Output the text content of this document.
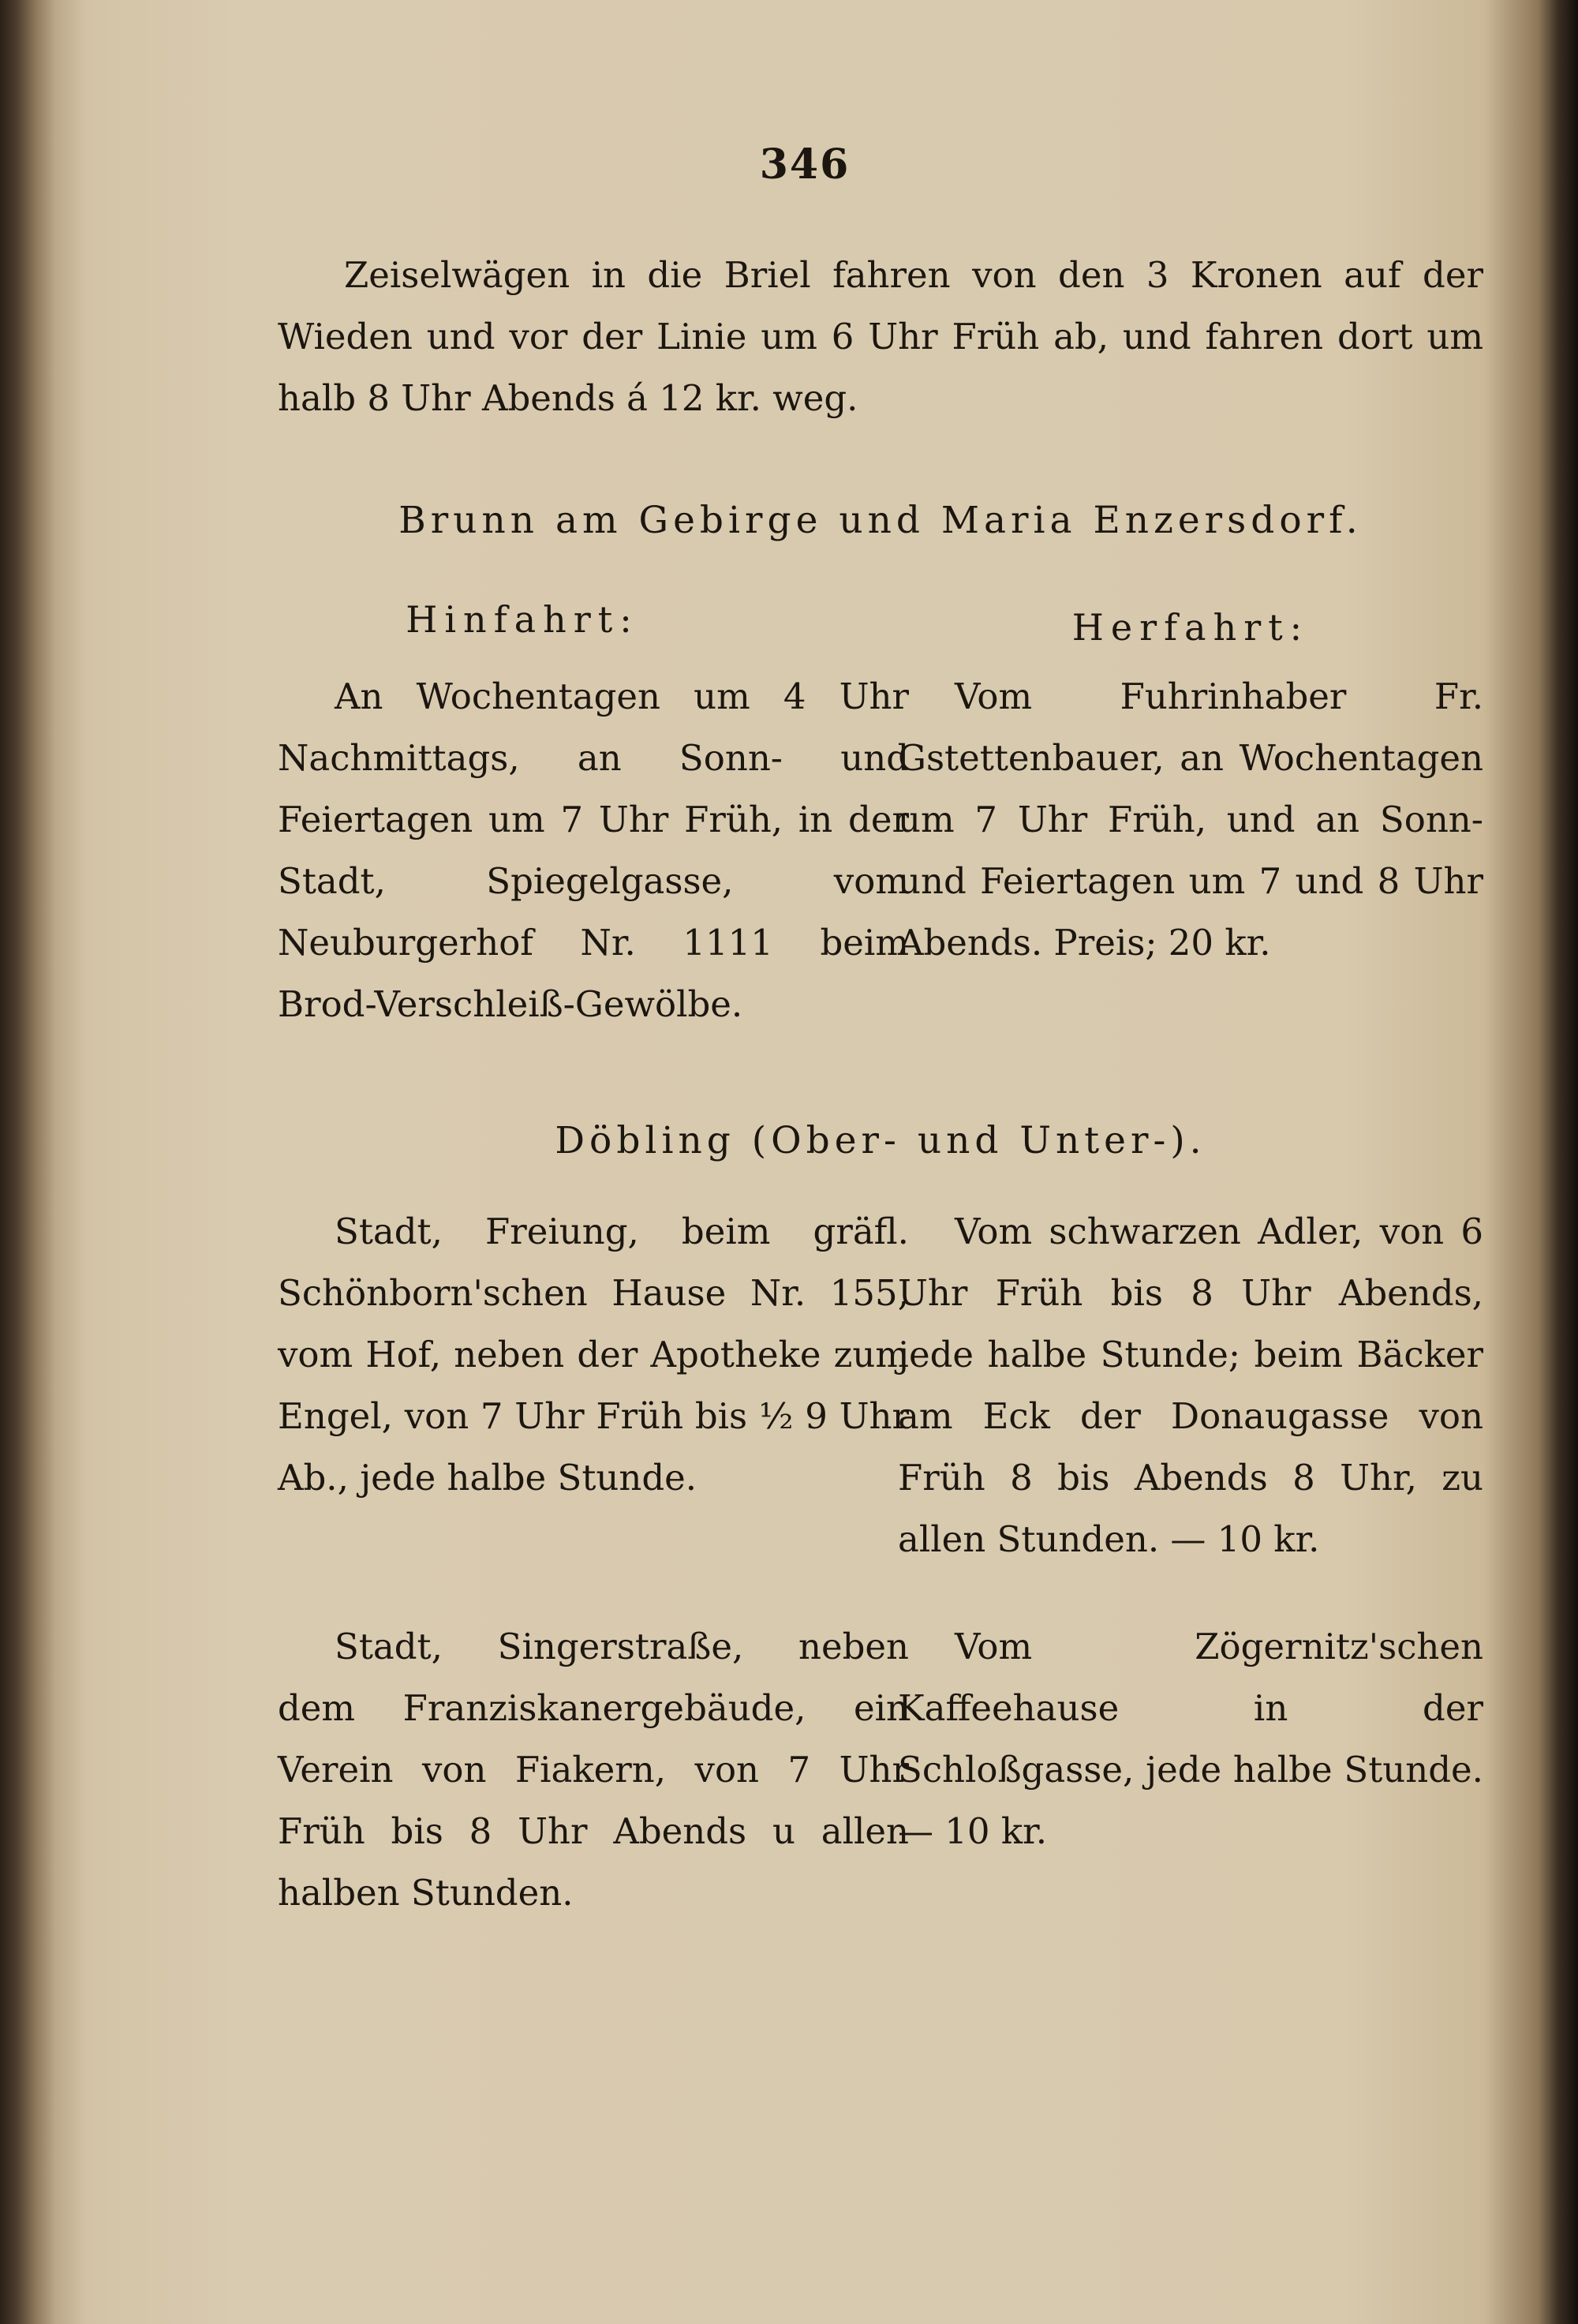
346
Zeiselwägen in die Briel fahren von den 3 Kronen auf der Wieden und vor der Linie um 6 Uhr Früh ab, und fahren dort um halb 8 Uhr Abends á 12 kr. weg.
Brunn am Gebirge und Maria Enzersdorf.
Hinfahrt:	Herfahrt:
An Wochentagen um 4 Uhr Nachmittags, an Sonn- und Feiertagen um 7 Uhr Früh, in der Stadt, Spiegelgasse, vom Neuburgerhof Nr. 1111 beim Brod-Verschleiß-Gewölbe.
Vom Fuhrinhaber Fr. Gstettenbauer, an Wochentagen um 7 Uhr Früh, und an Sonn- und Feiertagen um 7 und 8 Uhr Abends. Preis; 20 kr.
Döbling (Ober- und Unter-).
Stadt, Freiung, beim gräfl. Schönborn'schen Hause Nr. 155, vom Hof, neben der Apotheke zum Engel, von 7 Uhr Früh bis ½ 9 Uhr Ab., jede halbe Stunde.
Vom schwarzen Adler, von 6 Uhr Früh bis 8 Uhr Abends, jede halbe Stunde; beim Bäcker am Eck der Donaugasse von Früh 8 bis Abends 8 Uhr, zu allen Stunden. — 10 kr.
Stadt, Singerstraße, neben dem Franziskanergebäude, ein Verein von Fiakern, von 7 Uhr Früh bis 8 Uhr Abends u allen halben Stunden.
Vom Zögernitz'schen Kaffeehause in der Schloßgasse, jede halbe Stunde. — 10 kr.
